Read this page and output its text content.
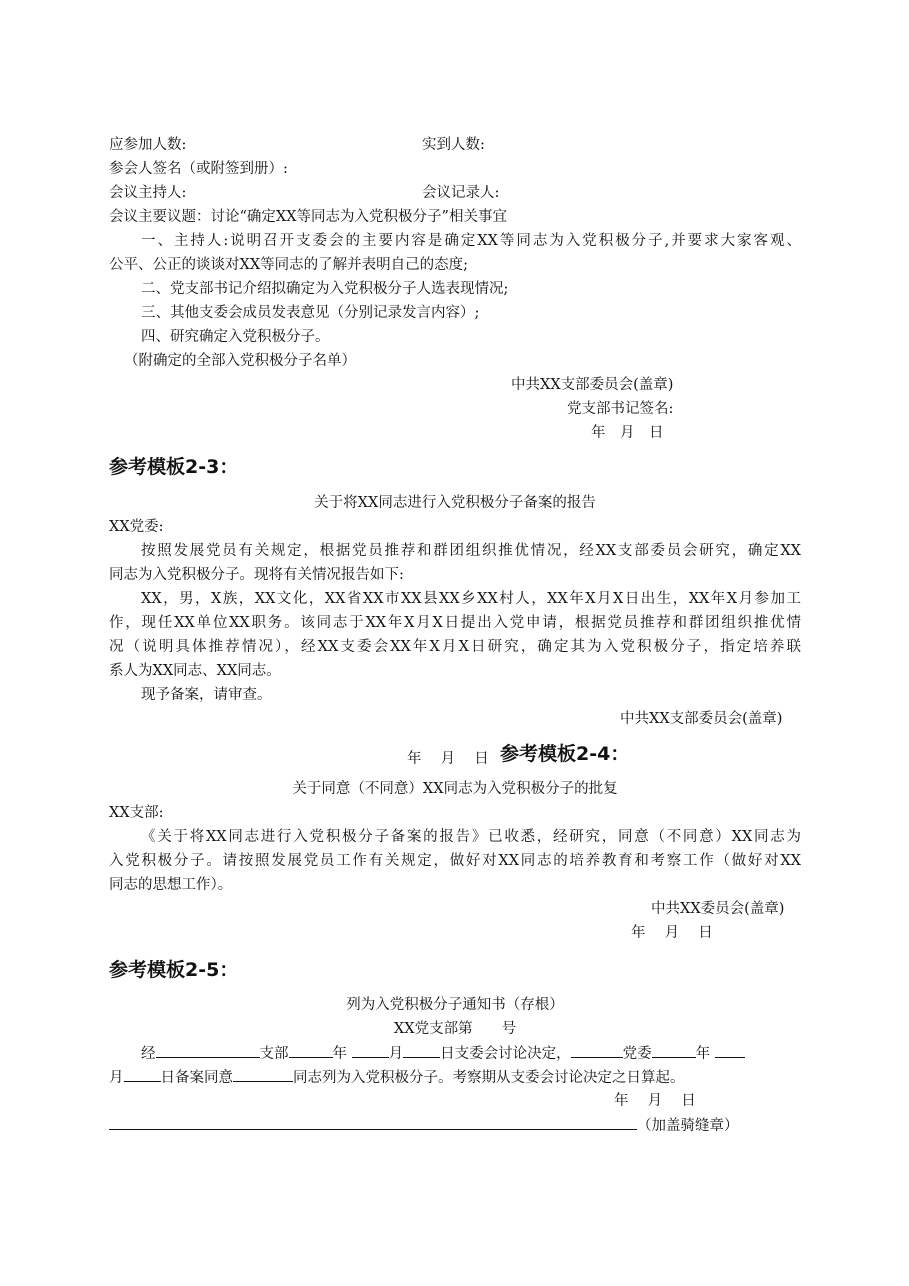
应参加人数:	实到人数:
参会人签名（或附签到册）:
会议主持人:	会议记录人:
会议主要议题：讨论“确定XX等同志为入党积极分子”相关事宜
一、主持人:说明召开支委会的主要内容是确定XX等同志为入党积极分子,并要求大家客观、
公平、公正的谈谈对XX等同志的了解并表明自己的态度;
二、党支部书记介绍拟确定为入党积极分子人选表现情况;
三、其他支委会成员发表意见（分别记录发言内容）;
四、研究确定入党积极分子。
（附确定的全部入党积极分子名单）
中共XX支部委员会(盖章)
党支部书记签名:
年　月　日
参考模板2-3：
关于将XX同志进行入党积极分子备案的报告
XX党委:
按照发展党员有关规定，根据党员推荐和群团组织推优情况，经XX支部委员会研究，确定XX
同志为入党积极分子。现将有关情况报告如下:
XX，男，X族，XX文化，XX省XX市XX县XX乡XX村人，XX年X月X日出生，XX年X月参加工
作，现任XX单位XX职务。该同志于XX年X月X日提出入党申请，根据党员推荐和群团组织推优情
况（说明具体推荐情况），经XX支委会XX年X月X日研究，确定其为入党积极分子，指定培养联
系人为XX同志、XX同志。
现予备案，请审查。
中共XX支部委员会(盖章)
年　 月　 日 参考模板2-4：
关于同意（不同意）XX同志为入党积极分子的批复
XX支部:
《关于将XX同志进行入党积极分子备案的报告》已收悉，经研究，同意（不同意）XX同志为
入党积极分子。请按照发展党员工作有关规定，做好对XX同志的培养教育和考察工作（做好对XX
同志的思想工作）。
中共XX委员会(盖章)
年　 月　 日
参考模板2-5：
列为入党积极分子通知书（存根）
XX党支部第　　号
经	支部	年	月	日支委会讨论决定，	党委	年
月	日备案同意	同志列为入党积极分子。考察期从支委会讨论决定之日算起。
年　 月　 日
（加盖骑缝章）
